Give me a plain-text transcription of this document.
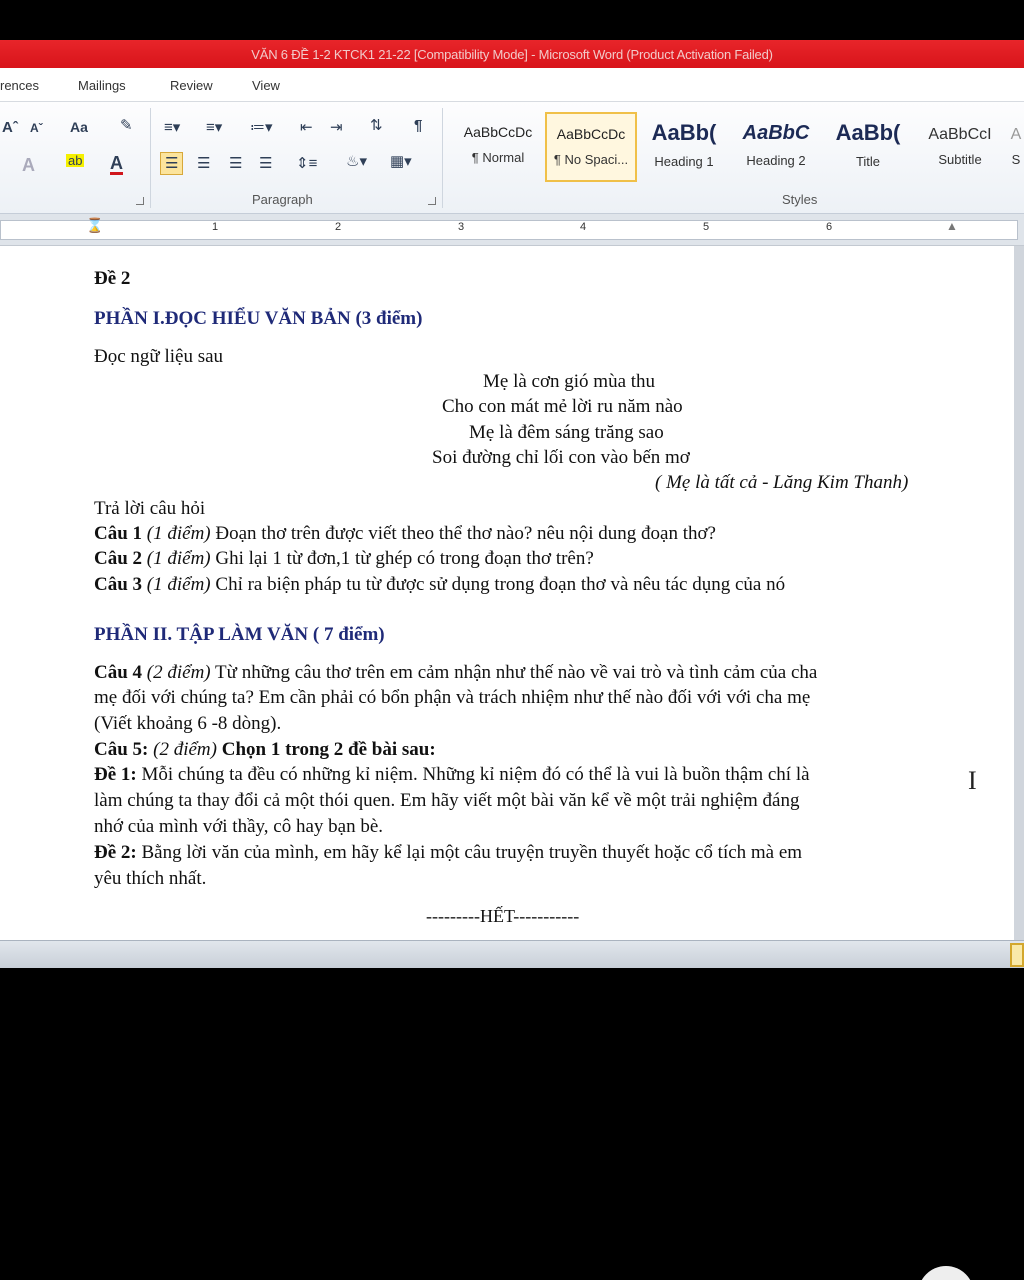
VĂN 6 ĐỀ 1-2 KTCK1 21-22 [Compatibility Mode] - Microsoft Word (Product Activation Failed)
rences	Mailings	Review	View
Aˆ Aˇ Aa ✎
A	ab A
≡▾ ≡▾ ≔▾ ⇤ ⇥ ⇅ ¶
☰	☰	☰	☰	⇕≡ ♨▾ ▦▾
Paragraph
AaBbCcDc
¶ Normal
AaBbCcDc
¶ No Spaci...
AaBb(
Heading 1
AaBbC
Heading 2
AaBb(
Title
AaBbCcI
Subtitle
A
S
Styles
1	2	3	4	5	6
⌛	▲
Đề 2
PHẦN I.ĐỌC HIỂU VĂN BẢN (3 điểm)
Đọc ngữ liệu sau
Mẹ là cơn gió mùa thu
Cho con mát mẻ lời ru năm nào
Mẹ là đêm sáng trăng sao
Soi đường chỉ lối con vào bến mơ
( Mẹ là tất cả - Lăng Kim Thanh)
Trả lời câu hỏi
Câu 1 (1 điểm) Đoạn thơ trên được viết theo thể thơ nào? nêu nội dung đoạn thơ?
Câu 2 (1 điểm) Ghi lại 1 từ đơn,1 từ ghép có trong đoạn thơ trên?
Câu 3 (1 điểm) Chỉ ra biện pháp tu từ được sử dụng trong đoạn thơ và nêu tác dụng của nó
PHẦN II. TẬP LÀM VĂN ( 7 điểm)
Câu 4 (2 điểm) Từ những câu thơ trên em cảm nhận như thế nào về vai trò và tình cảm của cha
mẹ đối với chúng ta? Em cần phải có bổn phận và trách nhiệm như thế nào đối với với cha mẹ
(Viết khoảng 6 -8 dòng).
Câu 5: (2 điểm) Chọn 1 trong 2 đề bài sau:
Đề 1: Mỗi chúng ta đều có những kỉ niệm. Những kỉ niệm đó có thể là vui là buồn thậm chí là
làm chúng ta thay đổi cả một thói quen. Em hãy viết một bài văn kể về một trải nghiệm đáng
nhớ của mình với thầy, cô hay bạn bè.
Đề 2: Bằng lời văn của mình, em hãy kể lại một câu truyện truyền thuyết hoặc cổ tích mà em
yêu thích nhất.
---------HẾT-----------
I
